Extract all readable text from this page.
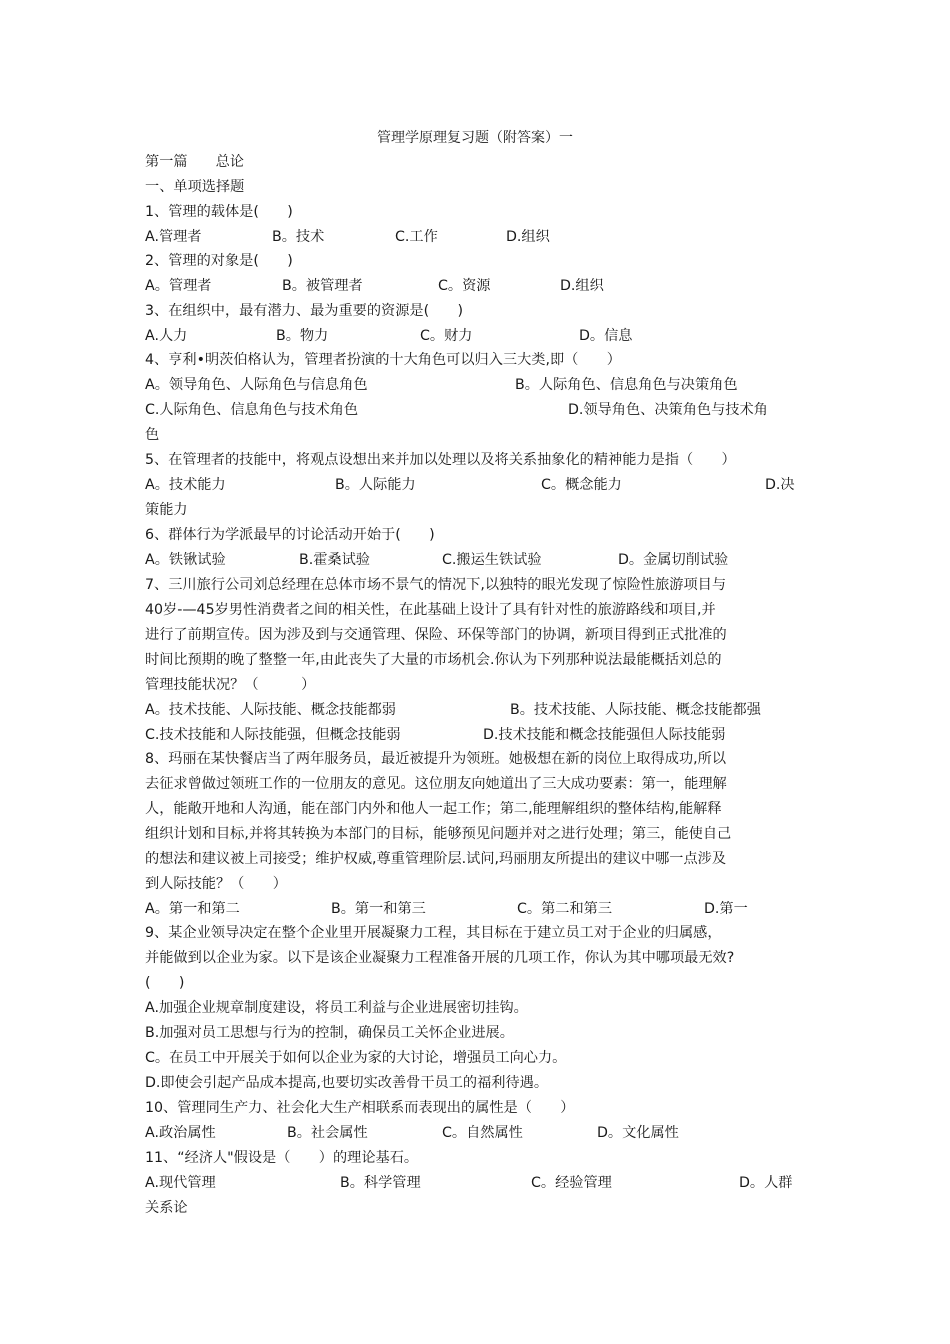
管理学原理复习题（附答案）一
第一篇 总论
一、单项选择题
1、管理的载体是(　　)
A.管理者	B。技术	C.工作	D.组织
2、管理的对象是(　　)
A。管理者	B。被管理者	C。资源	D.组织
3、在组织中，最有潜力、最为重要的资源是(　　)
A.人力	B。物力	C。财力	D。信息
4、亨利•明茨伯格认为，管理者扮演的十大角色可以归入三大类,即（　　）
A。领导角色、人际角色与信息角色	B。人际角色、信息角色与决策角色
C.人际角色、信息角色与技术角色	D.领导角色、决策角色与技术角
色
5、在管理者的技能中，将观点设想出来并加以处理以及将关系抽象化的精神能力是指（　　）
A。技术能力	B。人际能力	C。概念能力	D.决
策能力
6、群体行为学派最早的讨论活动开始于(　　)
A。铁锹试验	B.霍桑试验	C.搬运生铁试验	D。金属切削试验
7、三川旅行公司刘总经理在总体市场不景气的情况下,以独特的眼光发现了惊险性旅游项目与
40岁-—45岁男性消费者之间的相关性，在此基础上设计了具有针对性的旅游路线和项目,并
进行了前期宣传。因为涉及到与交通管理、保险、环保等部门的协调，新项目得到正式批准的
时间比预期的晚了整整一年,由此丧失了大量的市场机会.你认为下列那种说法最能概括刘总的
管理技能状况？（　　　）
A。技术技能、人际技能、概念技能都弱	B。技术技能、人际技能、概念技能都强
C.技术技能和人际技能强，但概念技能弱	D.技术技能和概念技能强但人际技能弱
8、玛丽在某快餐店当了两年服务员，最近被提升为领班。她极想在新的岗位上取得成功,所以
去征求曾做过领班工作的一位朋友的意见。这位朋友向她道出了三大成功要素：第一，能理解
人，能敞开地和人沟通，能在部门内外和他人一起工作；第二,能理解组织的整体结构,能解释
组织计划和目标,并将其转换为本部门的目标，能够预见问题并对之进行处理；第三，能使自己
的想法和建议被上司接受；维护权威,尊重管理阶层.试问,玛丽朋友所提出的建议中哪一点涉及
到人际技能？（　　）
A。第一和第二	B。第一和第三	C。第二和第三	D.第一
9、某企业领导决定在整个企业里开展凝聚力工程，其目标在于建立员工对于企业的归属感，
并能做到以企业为家。以下是该企业凝聚力工程准备开展的几项工作，你认为其中哪项最无效?
(　　)
A.加强企业规章制度建设，将员工利益与企业进展密切挂钩。
B.加强对员工思想与行为的控制，确保员工关怀企业进展。
C。在员工中开展关于如何以企业为家的大讨论，增强员工向心力。
D.即使会引起产品成本提高,也要切实改善骨干员工的福利待遇。
10、管理同生产力、社会化大生产相联系而表现出的属性是（　　）
A.政治属性	B。社会属性	C。自然属性	D。文化属性
11、“经济人"假设是（　　）的理论基石。
A.现代管理	B。科学管理	C。经验管理	D。人群
关系论
